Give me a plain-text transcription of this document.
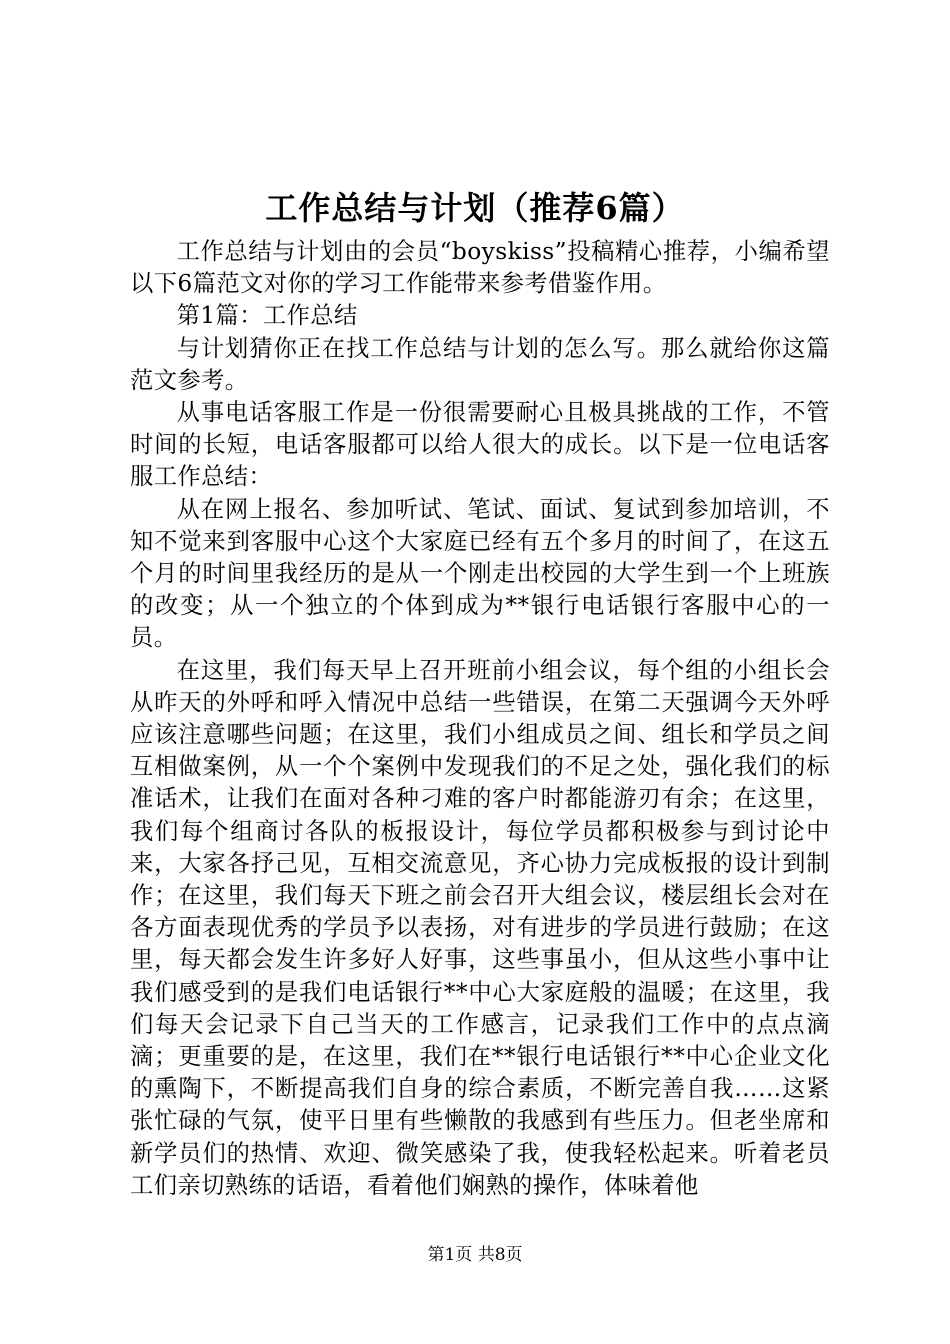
工作总结与计划（推荐6篇）

工作总结与计划由的会员“boyskiss”投稿精心推荐，小编希望以下6篇范文对你的学习工作能带来参考借鉴作用。

第1篇：工作总结

与计划猜你正在找工作总结与计划的怎么写。那么就给你这篇范文参考。

从事电话客服工作是一份很需要耐心且极具挑战的工作，不管时间的长短，电话客服都可以给人很大的成长。以下是一位电话客服工作总结：

从在网上报名、参加听试、笔试、面试、复试到参加培训，不知不觉来到客服中心这个大家庭已经有五个多月的时间了，在这五个月的时间里我经历的是从一个刚走出校园的大学生到一个上班族的改变；从一个独立的个体到成为**银行电话银行客服中心的一员。

在这里，我们每天早上召开班前小组会议，每个组的小组长会从昨天的外呼和呼入情况中总结一些错误，在第二天强调今天外呼应该注意哪些问题；在这里，我们小组成员之间、组长和学员之间互相做案例，从一个个案例中发现我们的不足之处，强化我们的标准话术，让我们在面对各种刁难的客户时都能游刃有余；在这里，我们每个组商讨各队的板报设计，每位学员都积极参与到讨论中来，大家各抒己见，互相交流意见，齐心协力完成板报的设计到制作；在这里，我们每天下班之前会召开大组会议，楼层组长会对在各方面表现优秀的学员予以表扬，对有进步的学员进行鼓励；在这里，每天都会发生许多好人好事，这些事虽小，但从这些小事中让我们感受到的是我们电话银行**中心大家庭般的温暖；在这里，我们每天会记录下自己当天的工作感言，记录我们工作中的点点滴滴；更重要的是，在这里，我们在**银行电话银行**中心企业文化的熏陶下，不断提高我们自身的综合素质，不断完善自我……这紧张忙碌的气氛，使平日里有些懒散的我感到有些压力。但老坐席和新学员们的热情、欢迎、微笑感染了我，使我轻松起来。听着老员工们亲切熟练的话语，看着他们娴熟的操作，体味着他

第1页 共8页
